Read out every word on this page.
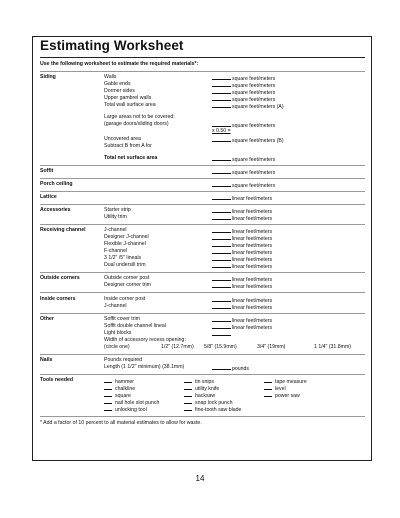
Estimating Worksheet
Use the following worksheet to estimate the required materials*:
Siding	Walls	square feet/meters
Gable ends	square feet/meters
Dormer sides	square feet/meters
Upper gambrel walls	square feet/meters
Total wall surface area	square feet/meters (A)
Large areas not to be covered:
(garage doors/sliding doors)	square feet/meters
x 0.50 =
Uncovered area	square feet/meters (B)
Subtract B from A for
Total net surface area	square feet/meters
Soffit	square feet/meters
Porch ceiling	square feet/meters
Lattice	linear feet/meters
Accessories	Starter strip	linear feet/meters
Utility trim	linear feet/meters
Receiving channel	J-channel	linear feet/meters
Designer J-channel	linear feet/meters
Flexible J-channel	linear feet/meters
F-channel	linear feet/meters
3 1/2" /5" lineals	linear feet/meters
Dual undersill trim	linear feet/meters
Outside corners	Outside corner post	linear feet/meters
Designer corner trim	linear feet/meters
Inside corners	Inside corner post	linear feet/meters
J-channel	linear feet/meters
Other	Soffit cover trim	linear feet/meters
Soffit double channel lineal	linear feet/meters
Light blocks
Width of accessory recess opening:
(circle one)	1/2" (12.7mm) 5/8" (15.9mm)	3/4" (19mm)	1 1/4" (31.8mm)
Nails	Pounds required
Length (1 1/2" minimum) (38.1mm)	pounds
Tools needed	hammer
chalkline
square
nail hole slot punch
unlocking tool
tin snips
utility knife
hacksaw
snap lock punch
fine-tooth saw blade
tape measure
level
power saw
* Add a factor of 10 percent to all material estimates to allow for waste.
14
